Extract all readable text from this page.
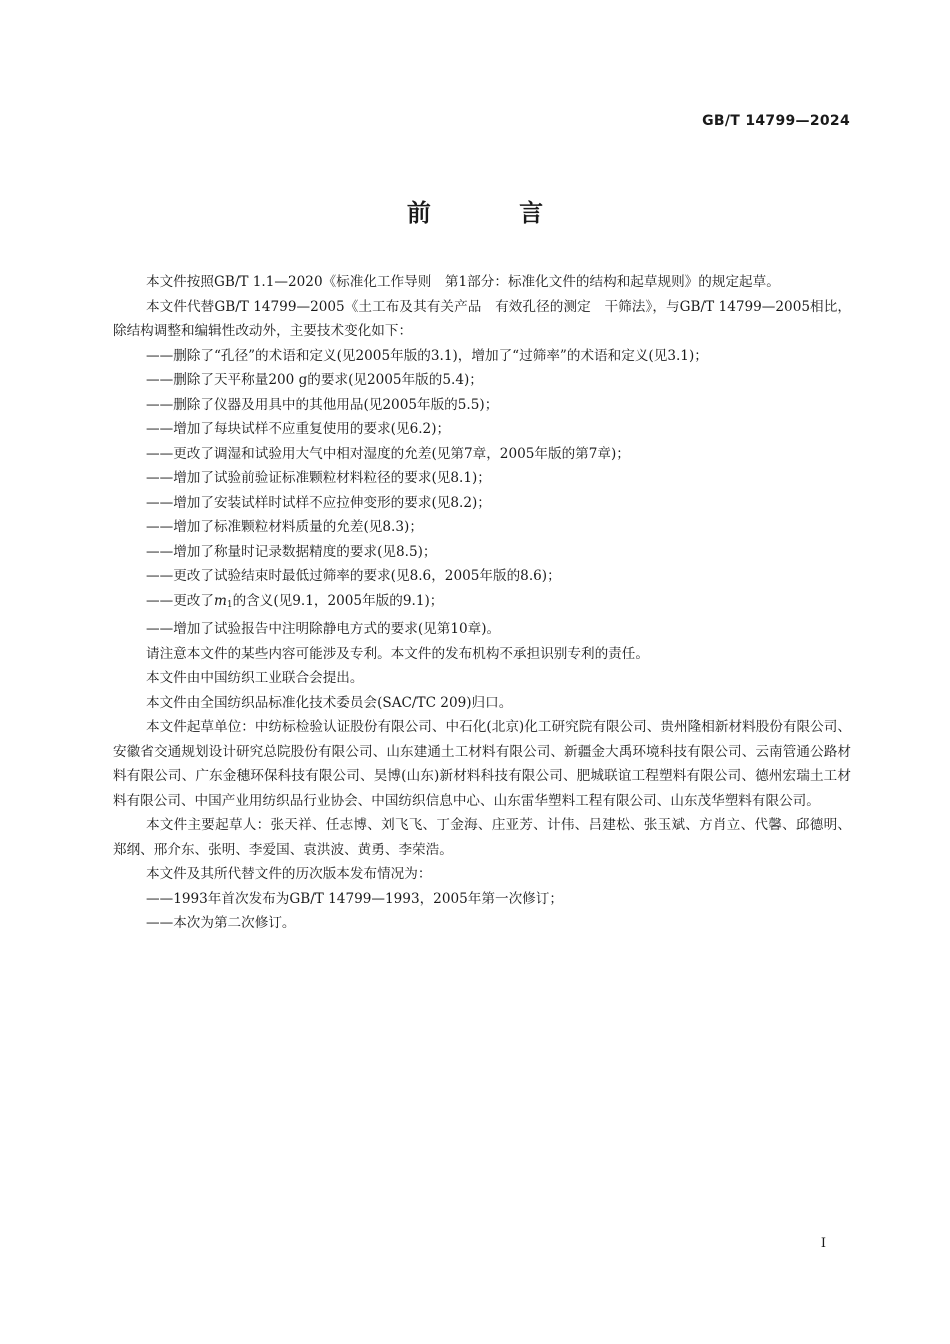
GB/T 14799—2024
前 言

本文件按照GB/T 1.1—2020《标准化工作导则　第1部分：标准化文件的结构和起草规则》的规定起草。

本文件代替GB/T 14799—2005《土工布及其有关产品　有效孔径的测定　干筛法》，与GB/T 14799—2005相比，除结构调整和编辑性改动外，主要技术变化如下：

——删除了“孔径”的术语和定义(见2005年版的3.1)，增加了“过筛率”的术语和定义(见3.1)；

——删除了天平称量200 g的要求(见2005年版的5.4)；

——删除了仪器及用具中的其他用品(见2005年版的5.5)；

——增加了每块试样不应重复使用的要求(见6.2)；

——更改了调湿和试验用大气中相对湿度的允差(见第7章，2005年版的第7章)；

——增加了试验前验证标准颗粒材料粒径的要求(见8.1)；

——增加了安装试样时试样不应拉伸变形的要求(见8.2)；

——增加了标准颗粒材料质量的允差(见8.3)；

——增加了称量时记录数据精度的要求(见8.5)；

——更改了试验结束时最低过筛率的要求(见8.6，2005年版的8.6)；

——更改了$m_1$的含义(见9.1，2005年版的9.1)；

——增加了试验报告中注明除静电方式的要求(见第10章)。

请注意本文件的某些内容可能涉及专利。本文件的发布机构不承担识别专利的责任。

本文件由中国纺织工业联合会提出。

本文件由全国纺织品标准化技术委员会(SAC/TC 209)归口。

本文件起草单位：中纺标检验认证股份有限公司、中石化(北京)化工研究院有限公司、贵州隆相新材料股份有限公司、安徽省交通规划设计研究总院股份有限公司、山东建通土工材料有限公司、新疆金大禹环境科技有限公司、云南管通公路材料有限公司、广东金穗环保科技有限公司、昊博(山东)新材料科技有限公司、肥城联谊工程塑料有限公司、德州宏瑞土工材料有限公司、中国产业用纺织品行业协会、中国纺织信息中心、山东雷华塑料工程有限公司、山东茂华塑料有限公司。

本文件主要起草人：张天祥、任志博、刘飞飞、丁金海、庄亚芳、计伟、吕建松、张玉斌、方肖立、代馨、邱德明、郑纲、邢介东、张明、李爱国、袁洪波、黄勇、李荣浩。

本文件及其所代替文件的历次版本发布情况为：

——1993年首次发布为GB/T 14799—1993，2005年第一次修订；

——本次为第二次修订。

I
